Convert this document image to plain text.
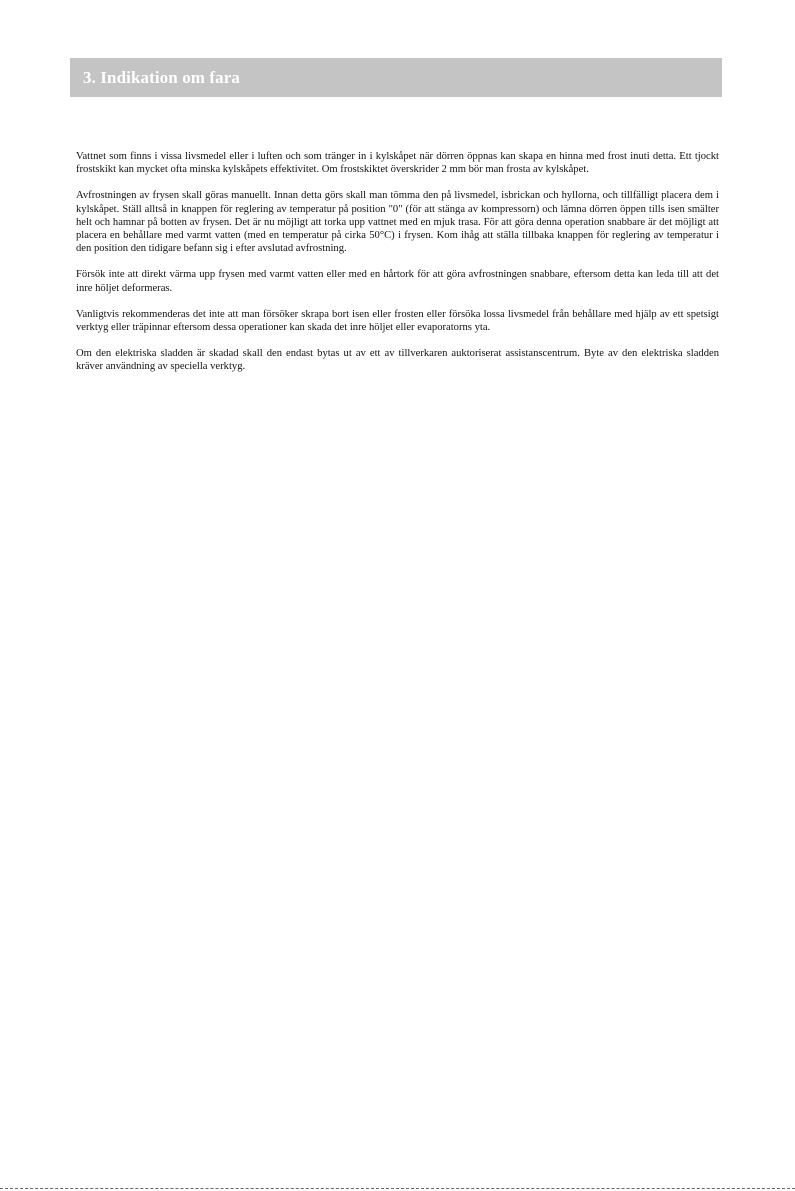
3. Indikation om fara

Vattnet som finns i vissa livsmedel eller i luften och som tränger in i kylskåpet när dörren öppnas kan skapa en hinna med frost inuti detta. Ett tjockt frostskikt kan mycket ofta minska kylskåpets effektivitet. Om frostskiktet överskrider 2 mm bör man frosta av kylskåpet.

Avfrostningen av frysen skall göras manuellt. Innan detta görs skall man tömma den på livsmedel, isbrickan och hyllorna, och tillfälligt placera dem i kylskåpet. Ställ alltså in knappen för reglering av temperatur på position "0" (för att stänga av kompressorn) och lämna dörren öppen tills isen smälter helt och hamnar på botten av frysen. Det är nu möjligt att torka upp vattnet med en mjuk trasa. För att göra denna operation snabbare är det möjligt att placera en behållare med varmt vatten (med en temperatur på cirka 50°C) i frysen. Kom ihåg att ställa tillbaka knappen för reglering av temperatur i den position den tidigare befann sig i efter avslutad avfrostning.

Försök inte att direkt värma upp frysen med varmt vatten eller med en hårtork för att göra avfrostningen snabbare, eftersom detta kan leda till att det inre höljet deformeras.

Vanligtvis rekommenderas det inte att man försöker skrapa bort isen eller frosten eller försöka lossa livsmedel från behållare med hjälp av ett spetsigt verktyg eller träpinnar eftersom dessa operationer kan skada det inre höljet eller evaporatorns yta.

Om den elektriska sladden är skadad skall den endast bytas ut av ett av tillverkaren auktoriserat assistanscentrum. Byte av den elektriska sladden kräver användning av speciella verktyg.
